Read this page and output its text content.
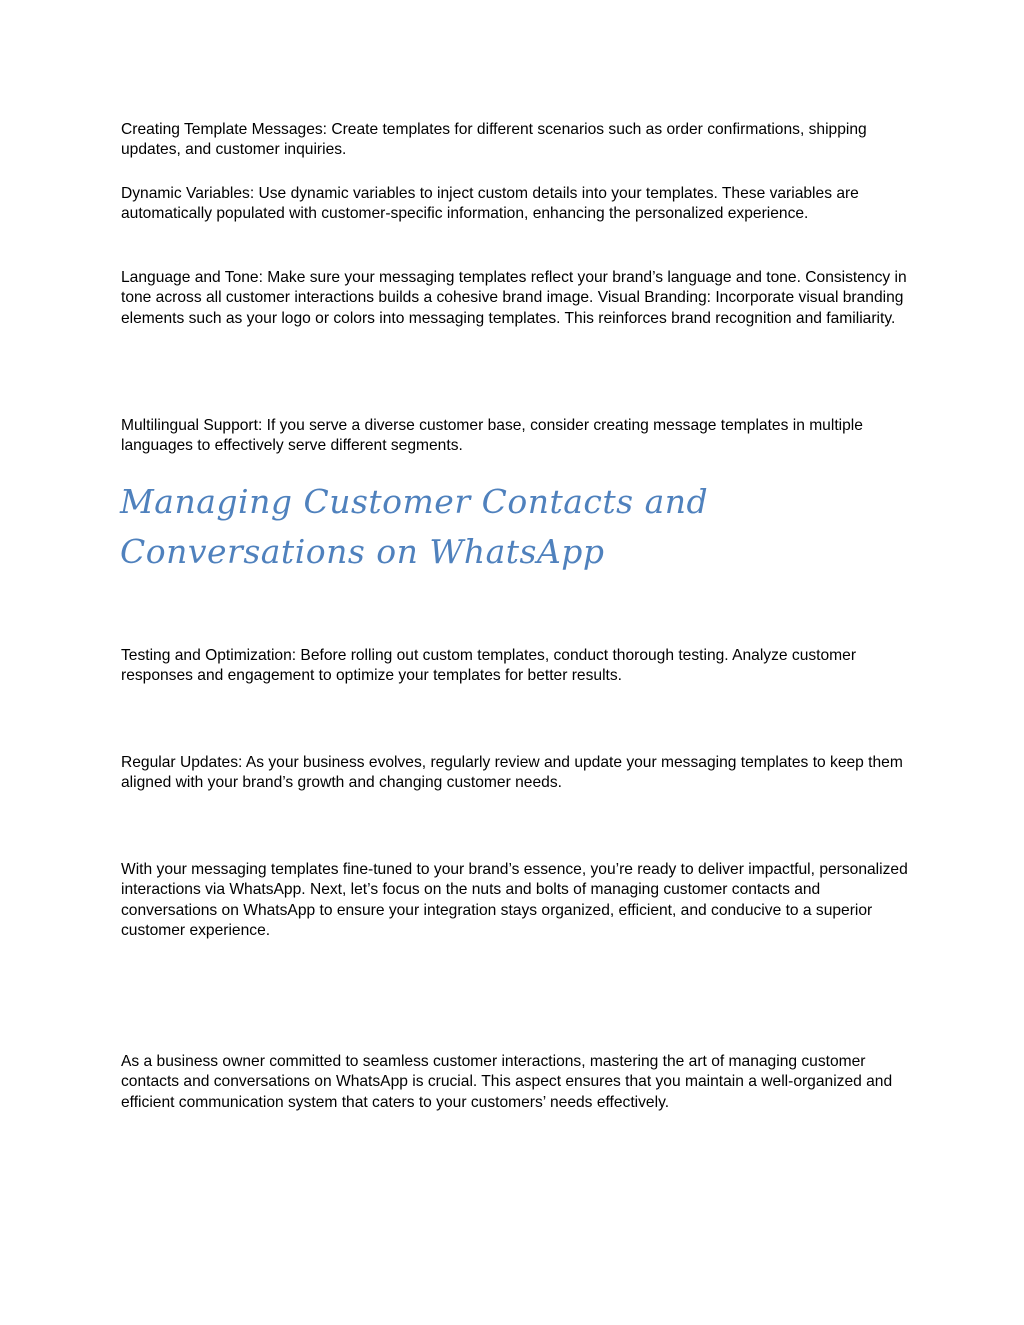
Creating Template Messages: Create templates for different scenarios such as order confirmations, shipping updates, and customer inquiries.

Dynamic Variables: Use dynamic variables to inject custom details into your templates. These variables are automatically populated with customer-specific information, enhancing the personalized experience.

Language and Tone: Make sure your messaging templates reflect your brand’s language and tone. Consistency in tone across all customer interactions builds a cohesive brand image. Visual Branding: Incorporate visual branding elements such as your logo or colors into messaging templates. This reinforces brand recognition and familiarity.

Multilingual Support: If you serve a diverse customer base, consider creating message templates in multiple languages to effectively serve different segments.

Managing Customer Contacts and
Conversations on WhatsApp

Testing and Optimization: Before rolling out custom templates, conduct thorough testing. Analyze customer responses and engagement to optimize your templates for better results.

Regular Updates: As your business evolves, regularly review and update your messaging templates to keep them aligned with your brand’s growth and changing customer needs.

With your messaging templates fine-tuned to your brand’s essence, you’re ready to deliver impactful, personalized interactions via WhatsApp. Next, let’s focus on the nuts and bolts of managing customer contacts and conversations on WhatsApp to ensure your integration stays organized, efficient, and conducive to a superior customer experience.

As a business owner committed to seamless customer interactions, mastering the art of managing customer contacts and conversations on WhatsApp is crucial. This aspect ensures that you maintain a well-organized and efficient communication system that caters to your customers’ needs effectively.
